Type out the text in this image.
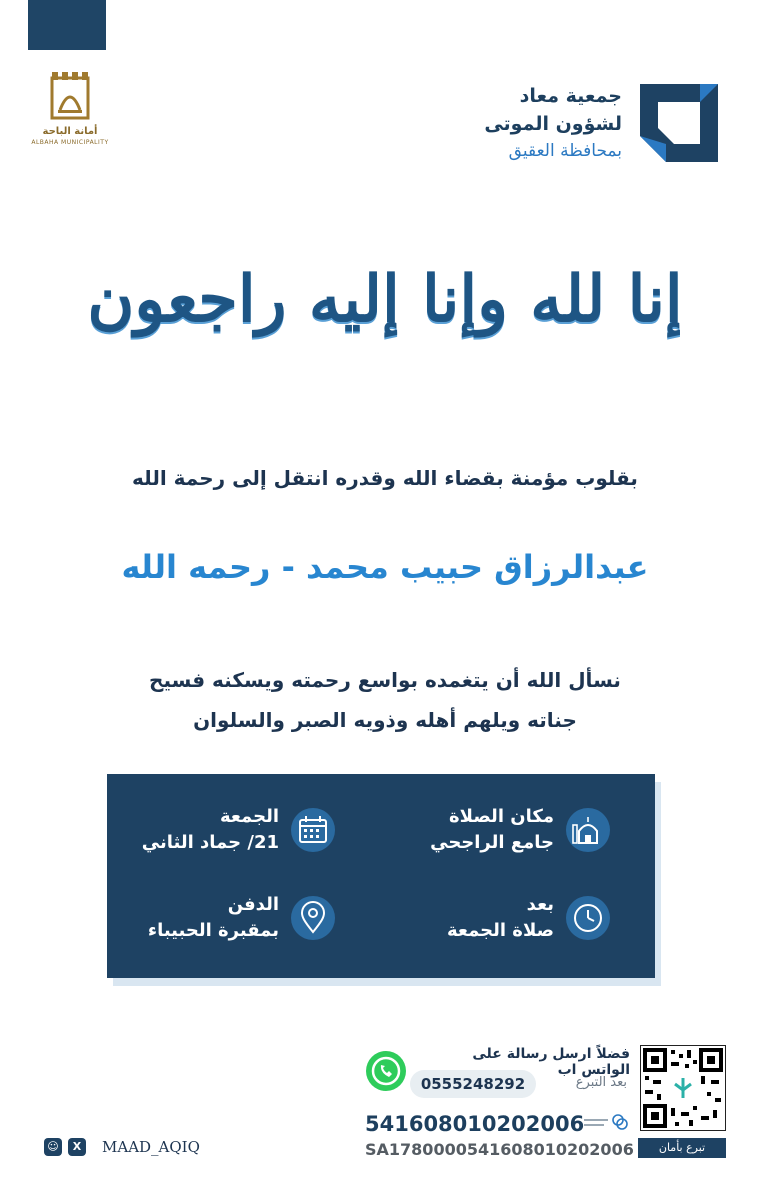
أمانة الباحة
ALBAHA MUNICIPALITY
جمعية معاد
لشؤون الموتى
بمحافظة العقيق
إنا لله وإنا إليه راجعون
بقلوب مؤمنة بقضاء الله وقدره انتقل إلى رحمة الله
عبدالرزاق حبيب محمد - رحمه الله
نسأل الله أن يتغمده بواسع رحمته ويسكنه فسيح
جناته ويلهم أهله وذويه الصبر والسلوان
مكان الصلاة
جامع الراجحي
الجمعة
21/ جماد الثاني
بعد
صلاة الجمعة
الدفن
بمقبرة الحبيباء
فضلاً ارسل رسالة على الواتس اب
بعد التبرع
0555248292
541608010202006
SA1780000541608010202006	تبرع بأمان
☺	X	MAAD_AQIQ
